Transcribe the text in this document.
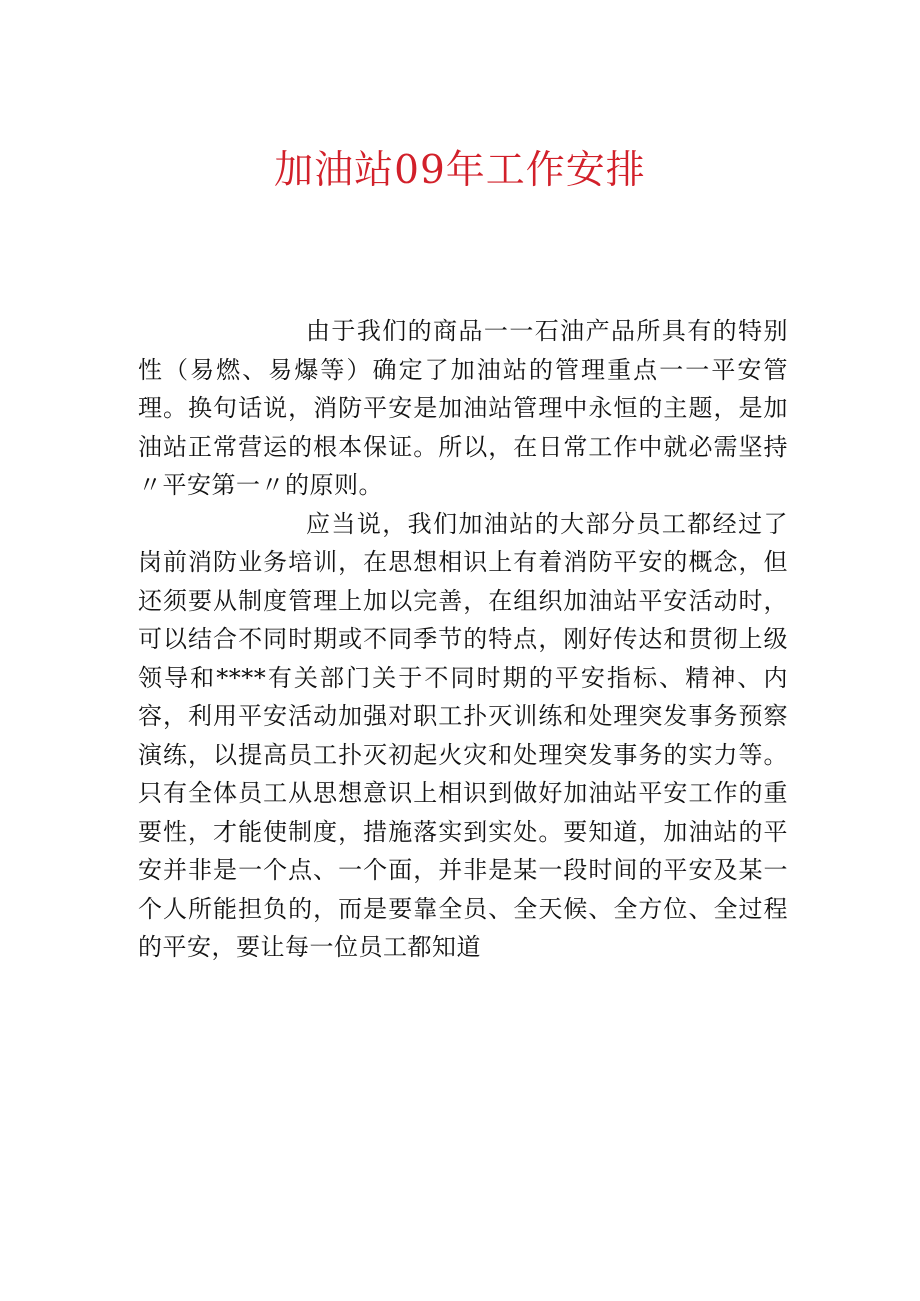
加油站09年工作安排

由于我们的商品一一石油产品所具有的特别性（易燃、易爆等）确定了加油站的管理重点一一平安管理。换句话说，消防平安是加油站管理中永恒的主题，是加油站正常营运的根本保证。所以，在日常工作中就必需坚持〃平安第一〃的原则。

应当说，我们加油站的大部分员工都经过了岗前消防业务培训，在思想相识上有着消防平安的概念，但还须要从制度管理上加以完善，在组织加油站平安活动时，可以结合不同时期或不同季节的特点，刚好传达和贯彻上级领导和****有关部门关于不同时期的平安指标、精神、内容，利用平安活动加强对职工扑灭训练和处理突发事务预察演练，以提高员工扑灭初起火灾和处理突发事务的实力等。只有全体员工从思想意识上相识到做好加油站平安工作的重要性，才能使制度，措施落实到实处。要知道，加油站的平安并非是一个点、一个面，并非是某一段时间的平安及某一个人所能担负的，而是要靠全员、全天候、全方位、全过程的平安，要让每一位员工都知道
